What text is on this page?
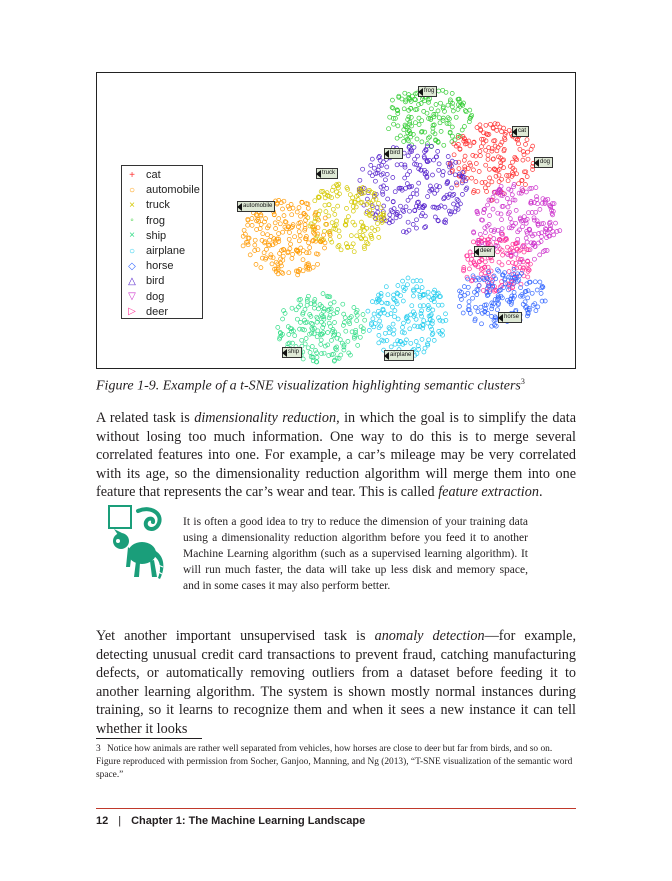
+ cat
○ automobile
× truck
◦	frog
× ship
○ airplane
◇ horse
△ bird
▽ dog
▷ deer
frog
cat
dog
bird
truck
automobile
deer
horse
ship	airplane
Figure 1-9. Example of a t-SNE visualization highlighting semantic clusters$^3$
A related task is dimensionality reduction, in which the goal is to simplify the data without losing too much information. One way to do this is to merge several correlated features into one. For example, a car’s mileage may be very correlated with its age, so the dimensionality reduction algorithm will merge them into one feature that represents the car’s wear and tear. This is called feature extraction.
It is often a good idea to try to reduce the dimension of your training data using a dimensionality reduction algorithm before you feed it to another Machine Learning algorithm (such as a supervised learning algorithm). It will run much faster, the data will take up less disk and memory space, and in some cases it may also perform better.
Yet another important unsupervised task is anomaly detection—for example, detecting unusual credit card transactions to prevent fraud, catching manufacturing defects, or automatically removing outliers from a dataset before feeding it to another learning algorithm. The system is shown mostly normal instances during training, so it learns to recognize them and when it sees a new instance it can tell whether it looks
3 Notice how animals are rather well separated from vehicles, how horses are close to deer but far from birds, and so on. Figure reproduced with permission from Socher, Ganjoo, Manning, and Ng (2013), “T-SNE visualization of the semantic word space.”
12 | Chapter 1: The Machine Learning Landscape
